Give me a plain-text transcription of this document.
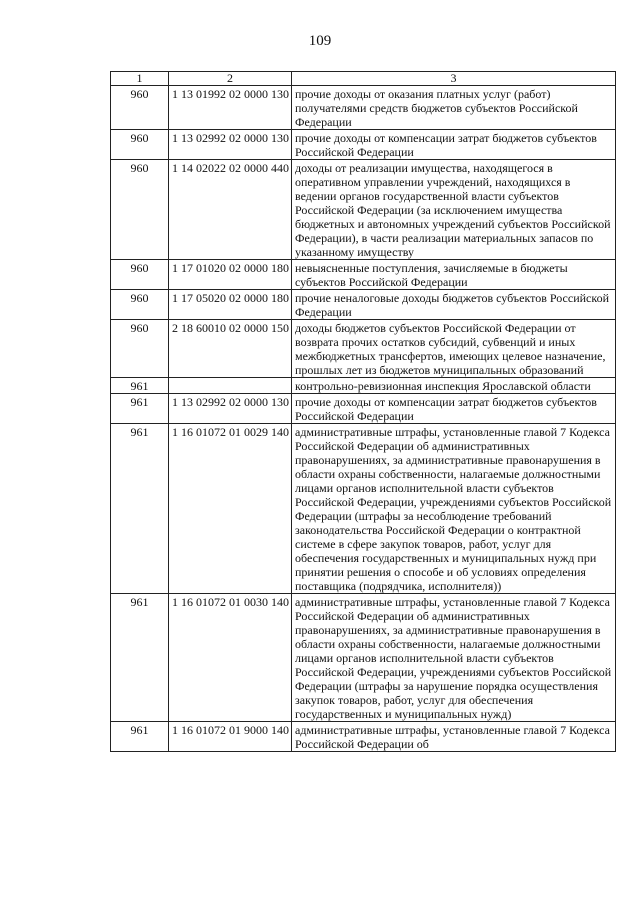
109
1	2	3
960	1 13 01992 02 0000 130	прочие доходы от оказания платных услуг (работ) получателями средств бюджетов субъектов Российской Федерации
960	1 13 02992 02 0000 130	прочие доходы от компенсации затрат бюджетов субъектов Российской Федерации
960	1 14 02022 02 0000 440	доходы от реализации имущества, находящегося в оперативном управлении учреждений, находящихся в ведении органов государственной власти субъектов Российской Федерации (за исключением имущества бюджетных и автономных учреждений субъектов Российской Федерации), в части реализации материальных запасов по указанному имуществу
960	1 17 01020 02 0000 180	невыясненные поступления, зачисляемые в бюджеты субъектов Российской Федерации
960	1 17 05020 02 0000 180	прочие неналоговые доходы бюджетов субъектов Российской Федерации
960	2 18 60010 02 0000 150	доходы бюджетов субъектов Российской Федерации от возврата прочих остатков субсидий, субвенций и иных межбюджетных трансфертов, имеющих целевое назначение, прошлых лет из бюджетов муниципальных образований
961		контрольно-ревизионная инспекция Ярославской области
961	1 13 02992 02 0000 130	прочие доходы от компенсации затрат бюджетов субъектов Российской Федерации
961	1 16 01072 01 0029 140	административные штрафы, установленные главой 7 Кодекса Российской Федерации об административных правонарушениях, за административные правонарушения в области охраны собственности, налагаемые должностными лицами органов исполнительной власти субъектов Российской Федерации, учреждениями субъектов Российской Федерации (штрафы за несоблюдение требований законодательства Российской Федерации о контрактной системе в сфере закупок товаров, работ, услуг для обеспечения государственных и муниципальных нужд при принятии решения о способе и об условиях определения поставщика (подрядчика, исполнителя))
961	1 16 01072 01 0030 140	административные штрафы, установленные главой 7 Кодекса Российской Федерации об административных правонарушениях, за административные правонарушения в области охраны собственности, налагаемые должностными лицами органов исполнительной власти субъектов Российской Федерации, учреждениями субъектов Российской Федерации (штрафы за нарушение порядка осуществления закупок товаров, работ, услуг для обеспечения государственных и муниципальных нужд)
961	1 16 01072 01 9000 140	административные штрафы, установленные главой 7 Кодекса Российской Федерации об
